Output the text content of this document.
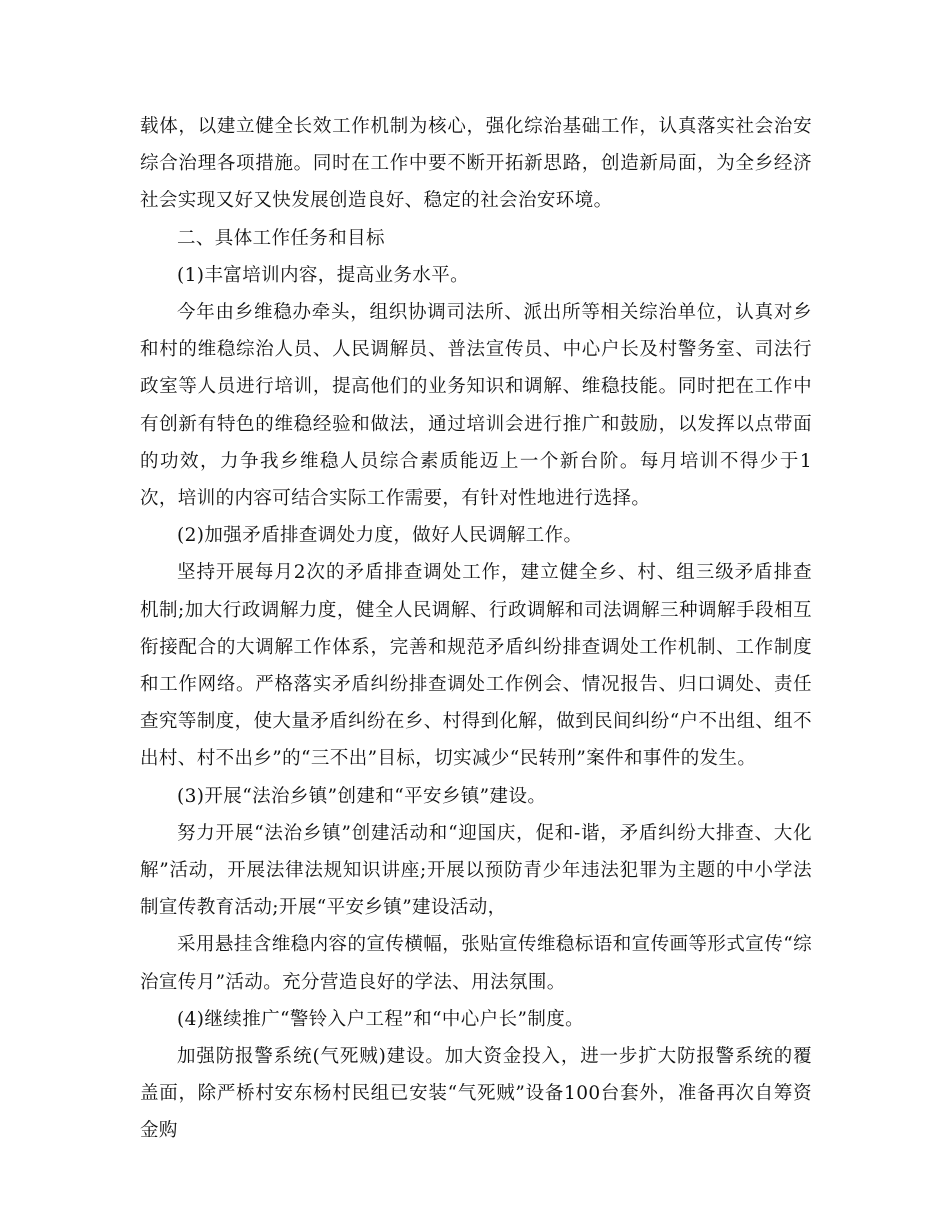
载体，以建立健全长效工作机制为核心，强化综治基础工作，认真落实社会治安综合治理各项措施。同时在工作中要不断开拓新思路，创造新局面，为全乡经济社会实现又好又快发展创造良好、稳定的社会治安环境。

二、具体工作任务和目标

(1)丰富培训内容，提高业务水平。

今年由乡维稳办牵头，组织协调司法所、派出所等相关综治单位，认真对乡和村的维稳综治人员、人民调解员、普法宣传员、中心户长及村警务室、司法行政室等人员进行培训，提高他们的业务知识和调解、维稳技能。同时把在工作中有创新有特色的维稳经验和做法，通过培训会进行推广和鼓励，以发挥以点带面的功效，力争我乡维稳人员综合素质能迈上一个新台阶。每月培训不得少于1次，培训的内容可结合实际工作需要，有针对性地进行选择。

(2)加强矛盾排查调处力度，做好人民调解工作。

坚持开展每月2次的矛盾排查调处工作，建立健全乡、村、组三级矛盾排查机制;加大行政调解力度，健全人民调解、行政调解和司法调解三种调解手段相互衔接配合的大调解工作体系，完善和规范矛盾纠纷排查调处工作机制、工作制度和工作网络。严格落实矛盾纠纷排查调处工作例会、情况报告、归口调处、责任查究等制度，使大量矛盾纠纷在乡、村得到化解，做到民间纠纷“户不出组、组不出村、村不出乡”的“三不出”目标，切实减少“民转刑”案件和事件的发生。

(3)开展“法治乡镇”创建和“平安乡镇”建设。

努力开展“法治乡镇”创建活动和“迎国庆，促和-谐，矛盾纠纷大排查、大化解”活动，开展法律法规知识讲座;开展以预防青少年违法犯罪为主题的中小学法制宣传教育活动;开展“平安乡镇”建设活动，

采用悬挂含维稳内容的宣传横幅，张贴宣传维稳标语和宣传画等形式宣传“综治宣传月”活动。充分营造良好的学法、用法氛围。

(4)继续推广“警铃入户工程”和“中心户长”制度。

加强防报警系统(气死贼)建设。加大资金投入，进一步扩大防报警系统的覆盖面，除严桥村安东杨村民组已安装“气死贼”设备100台套外，准备再次自筹资金购
